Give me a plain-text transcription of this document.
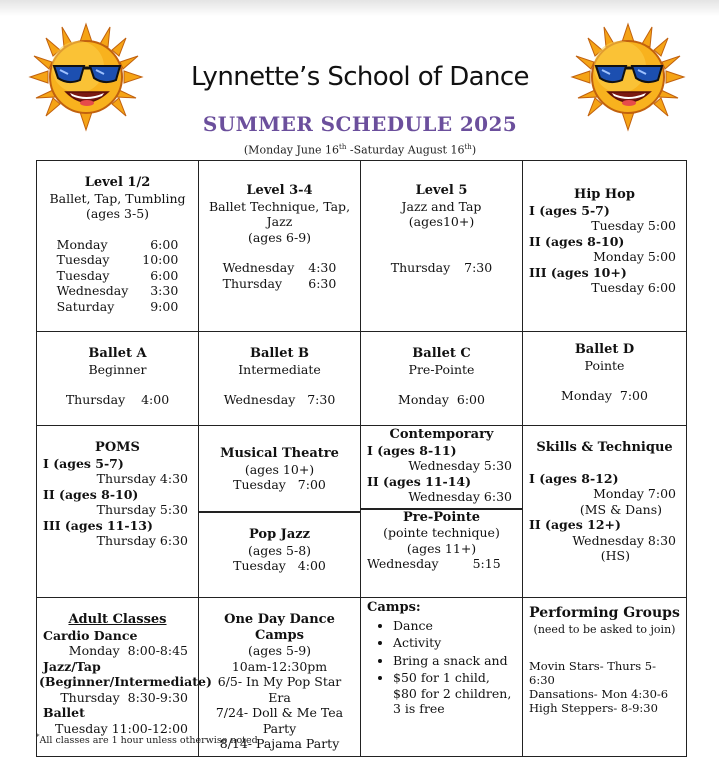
Lynnette’s School of Dance
SUMMER SCHEDULE 2025
(Monday June 16th -Saturday August 16th)
Level 1/2
Ballet, Tap, Tumbling
(ages 3-5)
Monday	6:00
Tuesday	10:00
Tuesday	6:00
Wednesday	3:30
Saturday	9:00

Level 3-4
Ballet Technique, Tap, Jazz
(ages 6-9)
Wednesday	4:30
Thursday	6:30

Level 5
Jazz and Tap
(ages10+)
Thursday	7:30

Hip Hop
I (ages 5-7)
Tuesday 5:00
II (ages 8-10)
Monday 5:00
III (ages 10+)
Tuesday 6:00

Ballet A
Beginner
Thursday    4:00

Ballet B
Intermediate
Wednesday   7:30

Ballet C
Pre-Pointe
Monday  6:00

Ballet D
Pointe
Monday  7:00

POMS
I (ages 5-7)
Thursday 4:30
II (ages 8-10)
Thursday 5:30
III (ages 11-13)
Thursday 6:30

Musical Theatre
(ages 10+)
Tuesday   7:00
Pop Jazz
(ages 5-8)
Tuesday   4:00

Contemporary
I (ages 8-11)
Wednesday 5:30
II (ages 11-14)
Wednesday 6:30
Pre-Pointe
(pointe technique)
(ages 11+)
Wednesday	5:15

Skills & Technique
I (ages 8-12)
Monday 7:00
(MS & Dans)
II (ages 12+)
Wednesday 8:30
(HS)

Adult Classes
Cardio Dance
Monday  8:00-8:45
Jazz/Tap
(Beginner/Intermediate)
Thursday  8:30-9:30
Ballet
Tuesday 11:00-12:00

One Day Dance Camps
(ages 5-9)
10am-12:30pm
6/5- In My Pop Star Era
7/24- Doll & Me Tea Party
8/14- Pajama Party

Camps:
• Dance
• Activity
• Bring a snack and
• $50 for 1 child, $80 for 2 children, 3 is free

Performing Groups
(need to be asked to join)
Movin Stars- Thurs 5-6:30
Dansations- Mon 4:30-6
High Steppers- 8-9:30
*All classes are 1 hour unless otherwise noted
